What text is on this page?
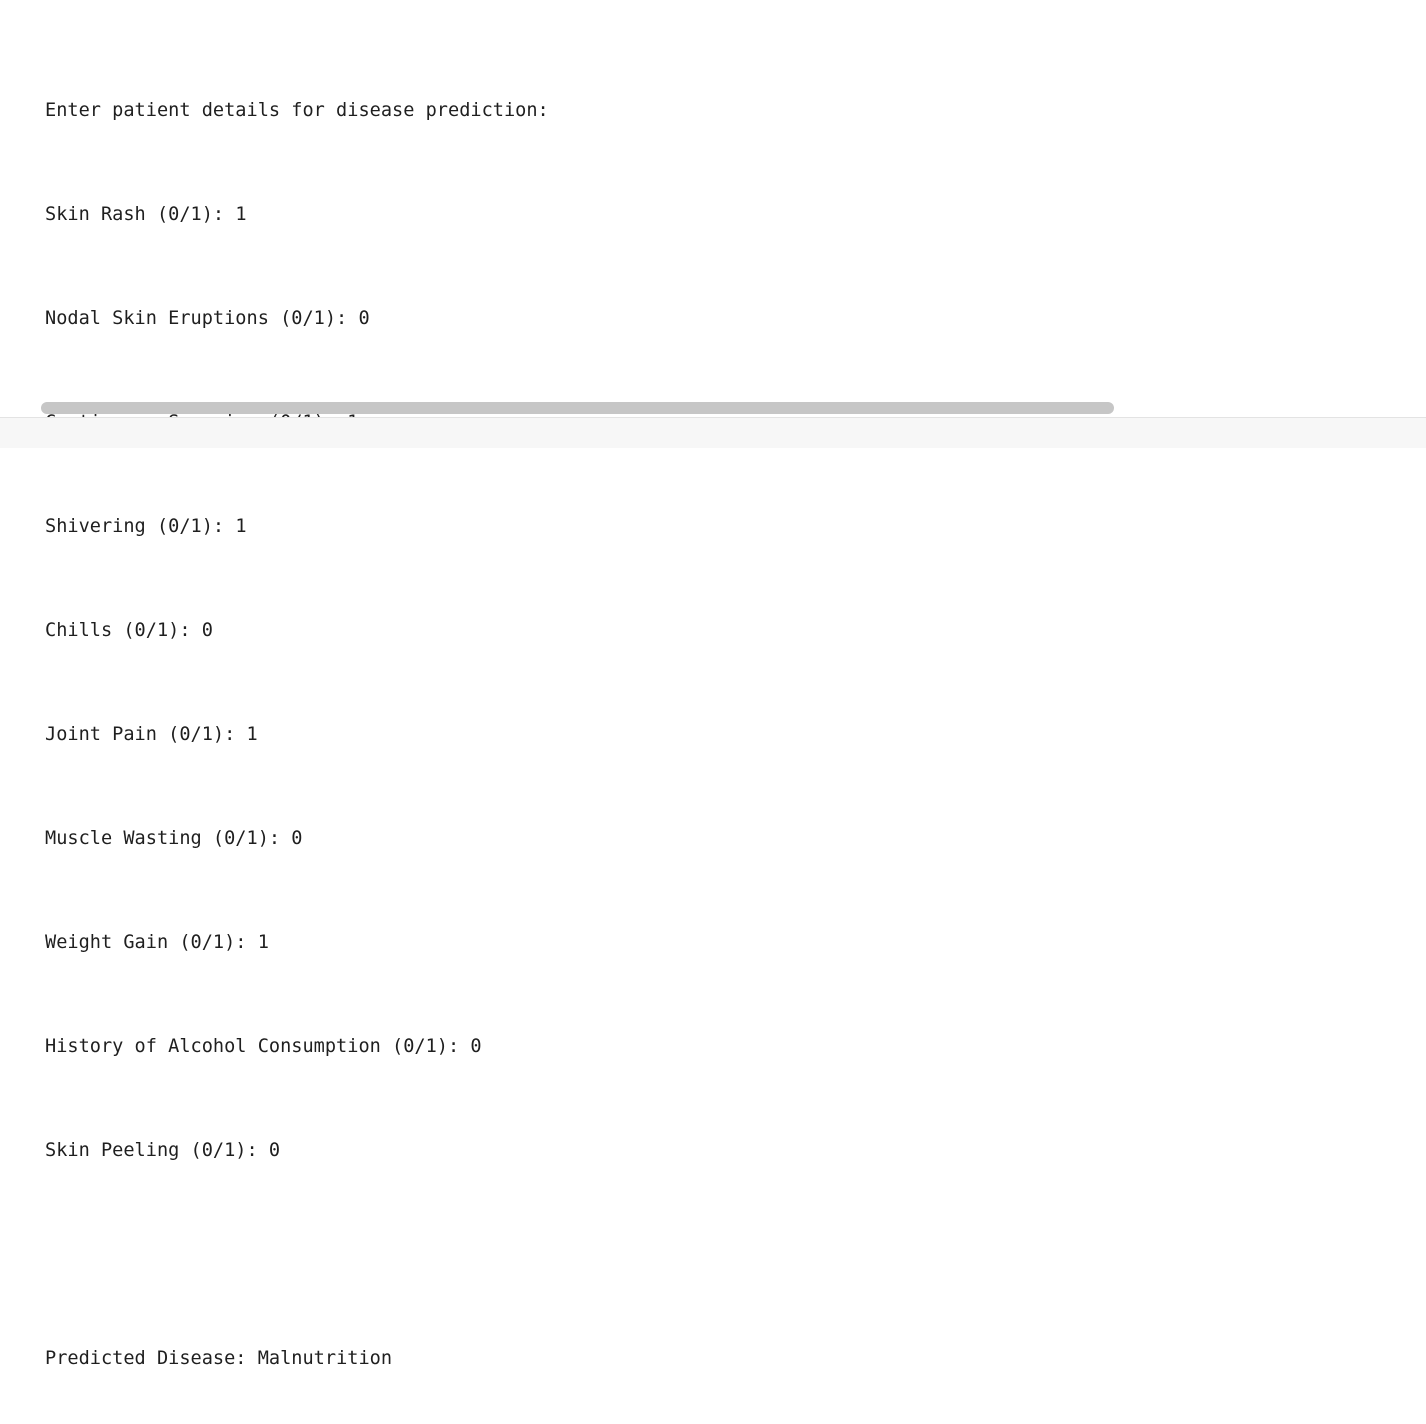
Enter patient details for disease prediction:

Skin Rash (0/1): 1

Nodal Skin Eruptions (0/1): 0

Shivering (0/1): 1

Chills (0/1): 0

Joint Pain (0/1): 1

Muscle Wasting (0/1): 0

Weight Gain (0/1): 1

History of Alcohol Consumption (0/1): 0

Skin Peeling (0/1): 0

Predicted Disease: Malnutrition
